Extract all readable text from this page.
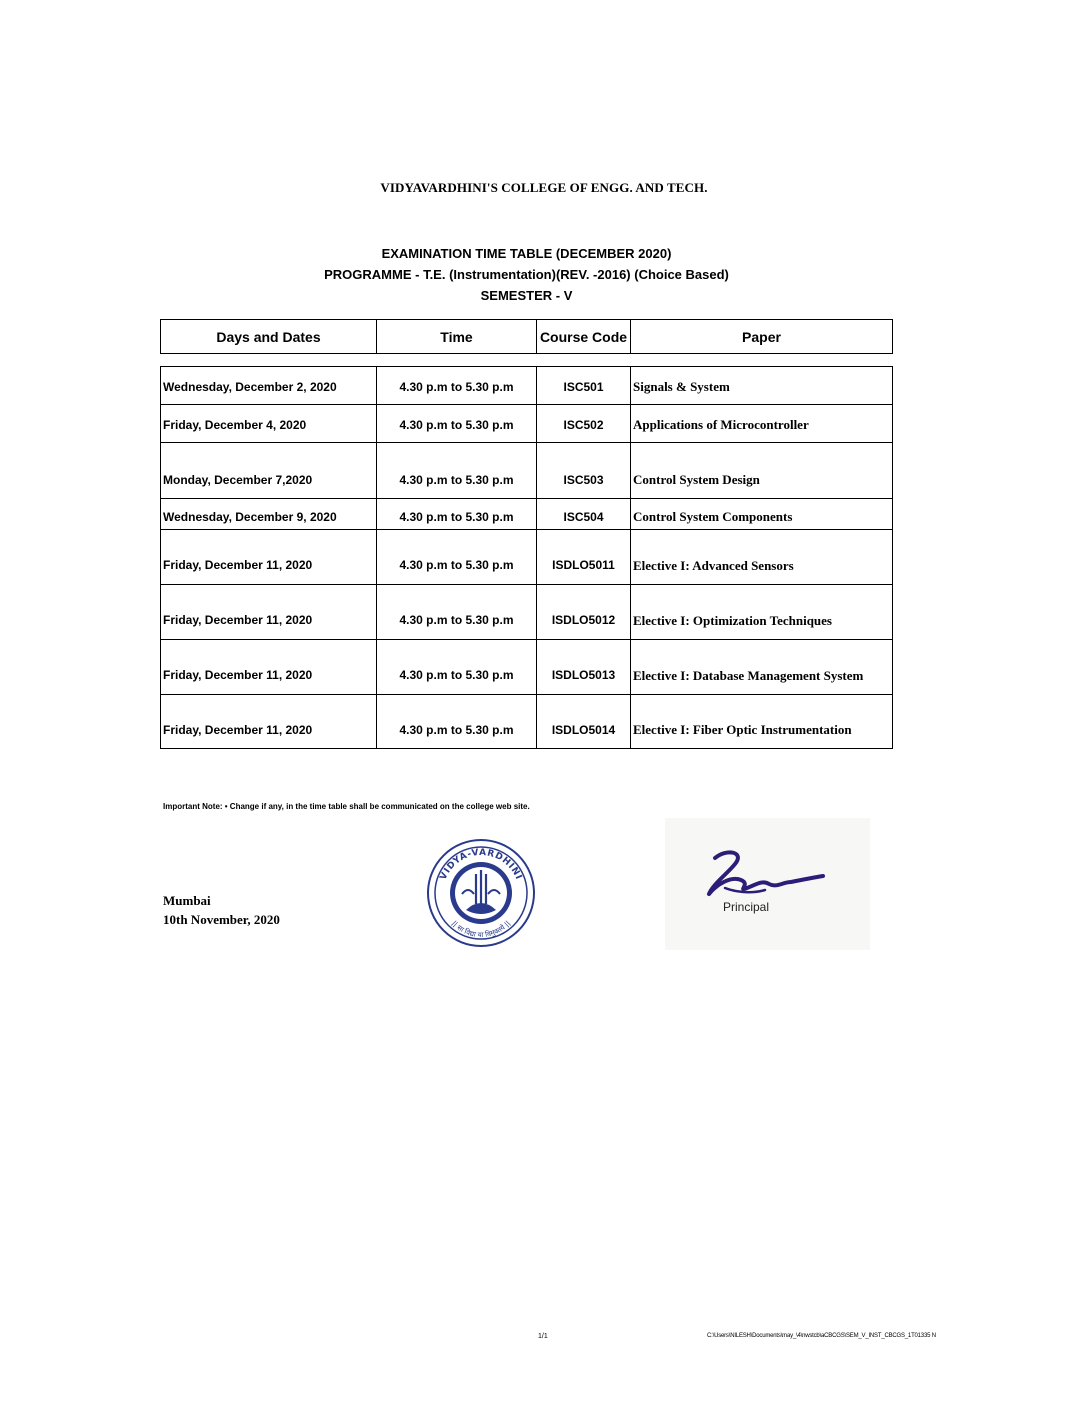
VIDYAVARDHINI'S COLLEGE OF ENGG. AND TECH.
EXAMINATION TIME TABLE (DECEMBER 2020)
PROGRAMME - T.E. (Instrumentation)(REV. -2016) (Choice Based)
SEMESTER - V
Days and Dates	Time	Course Code	Paper
Wednesday, December 2, 2020	4.30 p.m to 5.30 p.m	ISC501	Signals & System
Friday, December 4, 2020	4.30 p.m to 5.30 p.m	ISC502	Applications of Microcontroller
Monday, December 7,2020	4.30 p.m to 5.30 p.m	ISC503	Control System Design
Wednesday, December 9, 2020	4.30 p.m to 5.30 p.m	ISC504	Control System Components
Friday, December 11, 2020	4.30 p.m to 5.30 p.m	ISDLO5011	Elective I: Advanced Sensors
Friday, December 11, 2020	4.30 p.m to 5.30 p.m	ISDLO5012	Elective I: Optimization Techniques
Friday, December 11, 2020	4.30 p.m to 5.30 p.m	ISDLO5013	Elective I: Database Management System
Friday, December 11, 2020	4.30 p.m to 5.30 p.m	ISDLO5014	Elective I: Fiber Optic Instrumentation
Important Note: • Change if any, in the time table shall be communicated on the college web site.
Mumbai
10th November, 2020
VIDYA-VARDHINI
|| सा विद्या या विमुक्तये ||
Principal
1/1	C:\Users\NILESH\Documents\may_\4\nwstcb\aCBCGS\SEM_V_INST_CBCGS_1T01335 N
